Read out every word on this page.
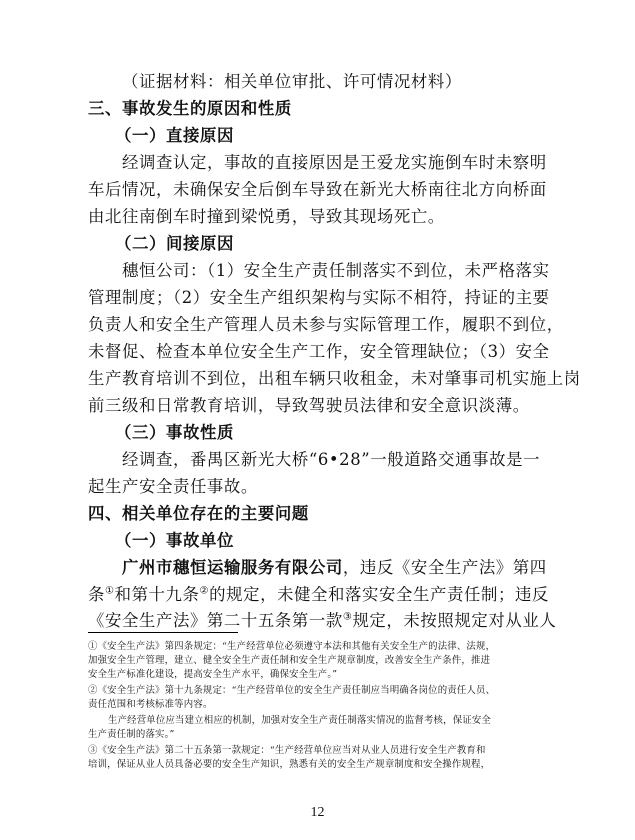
（证据材料：相关单位审批、许可情况材料）
三、事故发生的原因和性质
（一）直接原因
经调查认定，事故的直接原因是王爱龙实施倒车时未察明
车后情况，未确保安全后倒车导致在新光大桥南往北方向桥面
由北往南倒车时撞到梁悦勇，导致其现场死亡。
（二）间接原因
穗恒公司：（1）安全生产责任制落实不到位，未严格落实
管理制度；（2）安全生产组织架构与实际不相符，持证的主要
负责人和安全生产管理人员未参与实际管理工作，履职不到位，
未督促、检查本单位安全生产工作，安全管理缺位；（3）安全
生产教育培训不到位，出租车辆只收租金，未对肇事司机实施上岗
前三级和日常教育培训，导致驾驶员法律和安全意识淡薄。
（三）事故性质
经调查，番禺区新光大桥“6•28”一般道路交通事故是一
起生产安全责任事故。
四、相关单位存在的主要问题
（一）事故单位
广州市穗恒运输服务有限公司，违反《安全生产法》第四
条①和第十九条②的规定，未健全和落实安全生产责任制；违反
《安全生产法》第二十五条第一款③规定，未按照规定对从业人
①《安全生产法》第四条规定：“生产经营单位必须遵守本法和其他有关安全生产的法律、法规，
加强安全生产管理，建立、健全安全生产责任制和安全生产规章制度，改善安全生产条件，推进
安全生产标准化建设，提高安全生产水平，确保安全生产。”
②《安全生产法》第十九条规定：“生产经营单位的安全生产责任制应当明确各岗位的责任人员、
责任范围和考核标准等内容。
生产经营单位应当建立相应的机制，加强对安全生产责任制落实情况的监督考核，保证安全
生产责任制的落实。”
③《安全生产法》第二十五条第一款规定：“生产经营单位应当对从业人员进行安全生产教育和
培训，保证从业人员具备必要的安全生产知识，熟悉有关的安全生产规章制度和安全操作规程，
12
